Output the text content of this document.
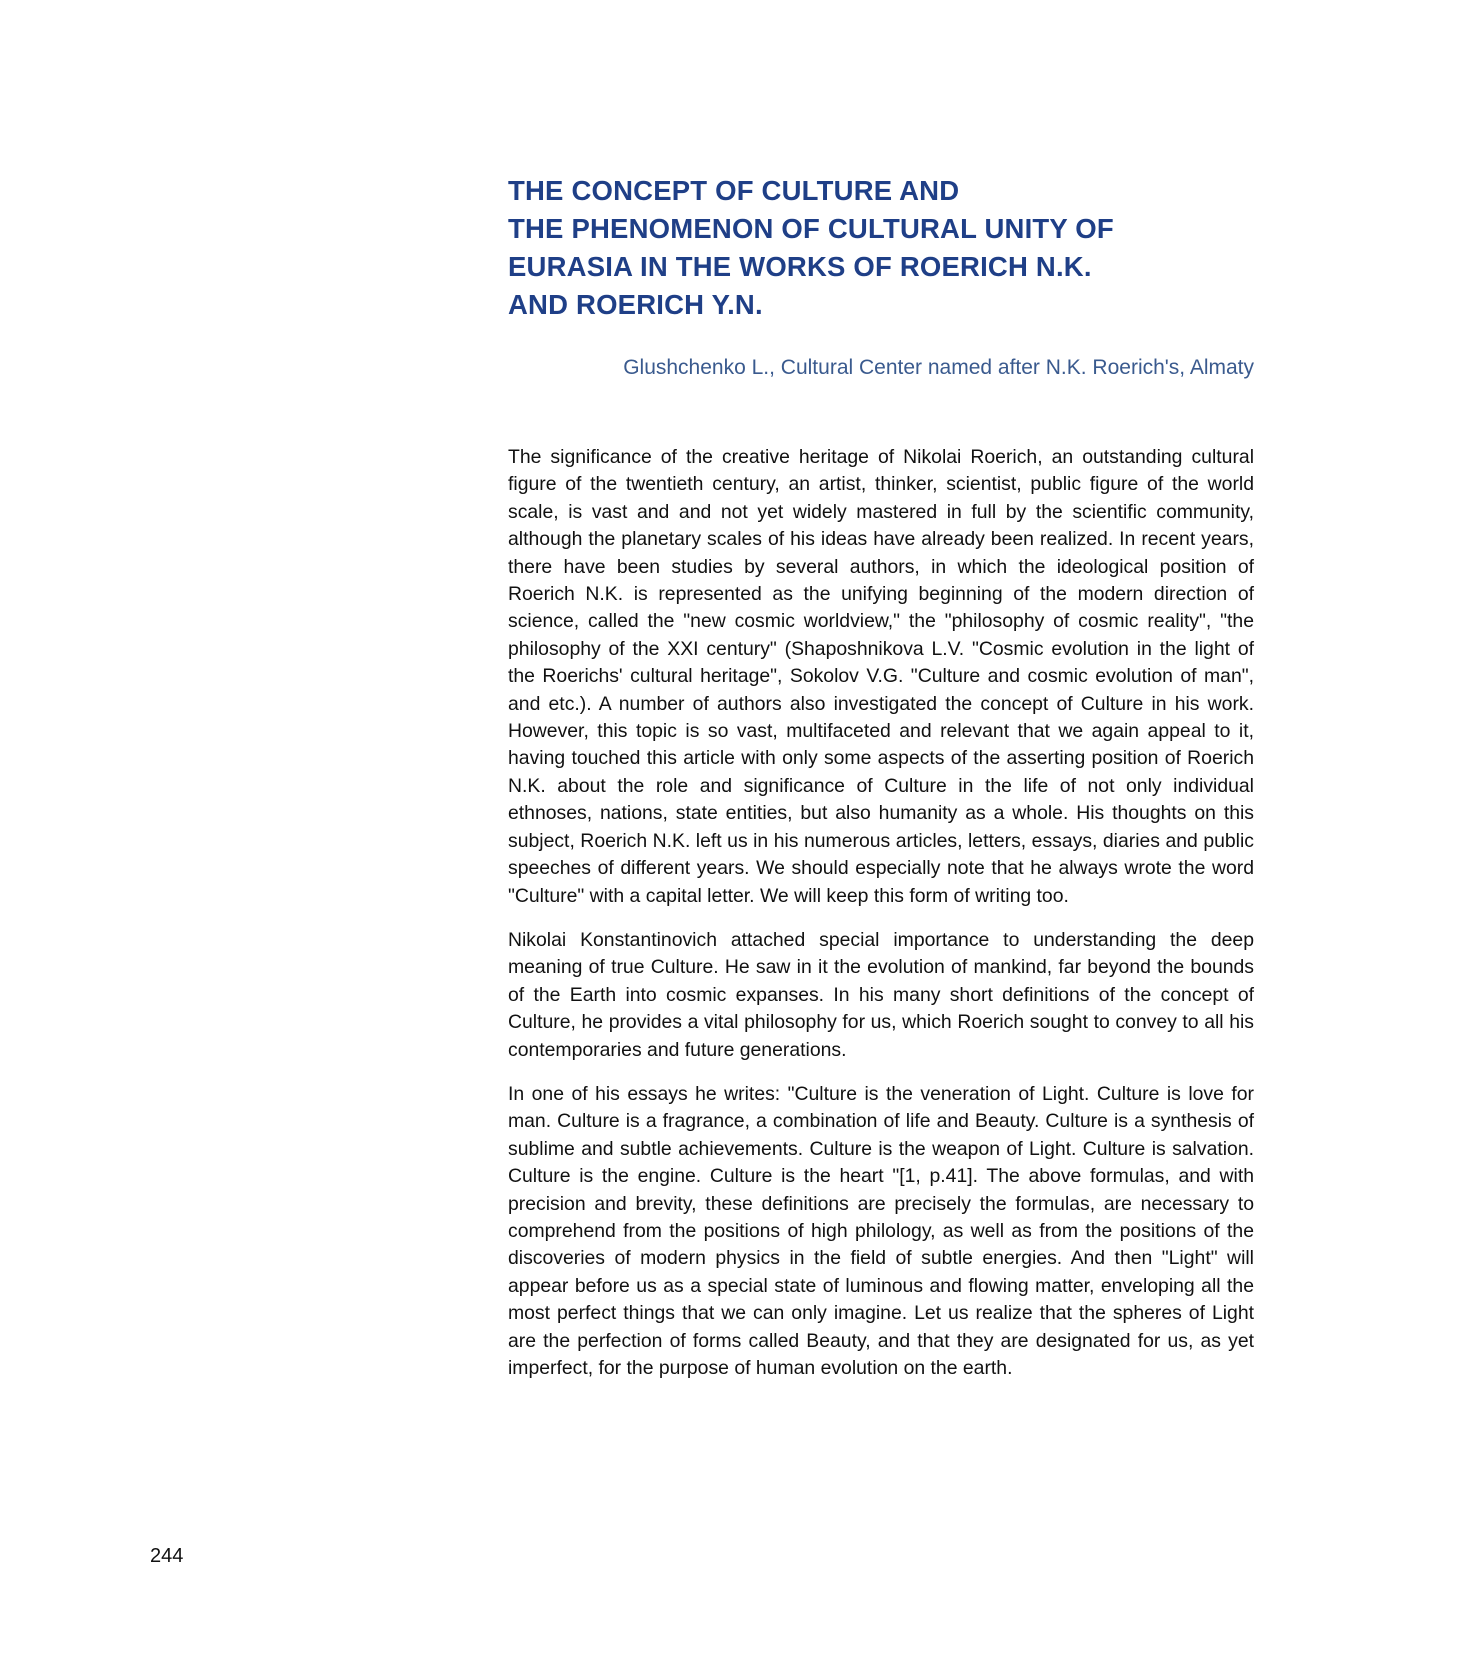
THE CONCEPT OF CULTURE AND
THE PHENOMENON OF CULTURAL UNITY OF
EURASIA IN THE WORKS OF ROERICH N.K.
AND ROERICH Y.N.
Glushchenko L., Cultural Center named after N.K. Roerich's, Almaty

The significance of the creative heritage of Nikolai Roerich, an outstanding cultural figure of the twentieth century, an artist, thinker, scientist, public figure of the world scale, is vast and and not yet widely mastered in full by the scientific community, although the planetary scales of his ideas have already been realized. In recent years, there have been studies by several authors, in which the ideological position of Roerich N.K. is represented as the unifying beginning of the modern direction of science, called the "new cosmic worldview," the "philosophy of cosmic reality", "the philosophy of the XXI century" (Shaposhnikova L.V. "Cosmic evolution in the light of the Roerichs' cultural heritage", Sokolov V.G. "Culture and cosmic evolution of man", and etc.). A number of authors also investigated the concept of Culture in his work. However, this topic is so vast, multifaceted and relevant that we again appeal to it, having touched this article with only some aspects of the asserting position of Roerich N.K. about the role and significance of Culture in the life of not only individual ethnoses, nations, state entities, but also humanity as a whole. His thoughts on this subject, Roerich N.K. left us in his numerous articles, letters, essays, diaries and public speeches of different years. We should especially note that he always wrote the word "Culture" with a capital letter. We will keep this form of writing too.

Nikolai Konstantinovich attached special importance to understanding the deep meaning of true Culture. He saw in it the evolution of mankind, far beyond the bounds of the Earth into cosmic expanses. In his many short definitions of the concept of Culture, he provides a vital philosophy for us, which Roerich sought to convey to all his contemporaries and future generations.

In one of his essays he writes: "Culture is the veneration of Light. Culture is love for man. Culture is a fragrance, a combination of life and Beauty. Culture is a synthesis of sublime and subtle achievements. Culture is the weapon of Light. Culture is salvation. Culture is the engine. Culture is the heart "[1, p.41]. The above formulas, and with precision and brevity, these definitions are precisely the formulas, are necessary to comprehend from the positions of high philology, as well as from the positions of the discoveries of modern physics in the field of subtle energies. And then "Light" will appear before us as a special state of luminous and flowing matter, enveloping all the most perfect things that we can only imagine. Let us realize that the spheres of Light are the perfection of forms called Beauty, and that they are designated for us, as yet imperfect, for the purpose of human evolution on the earth.

244
